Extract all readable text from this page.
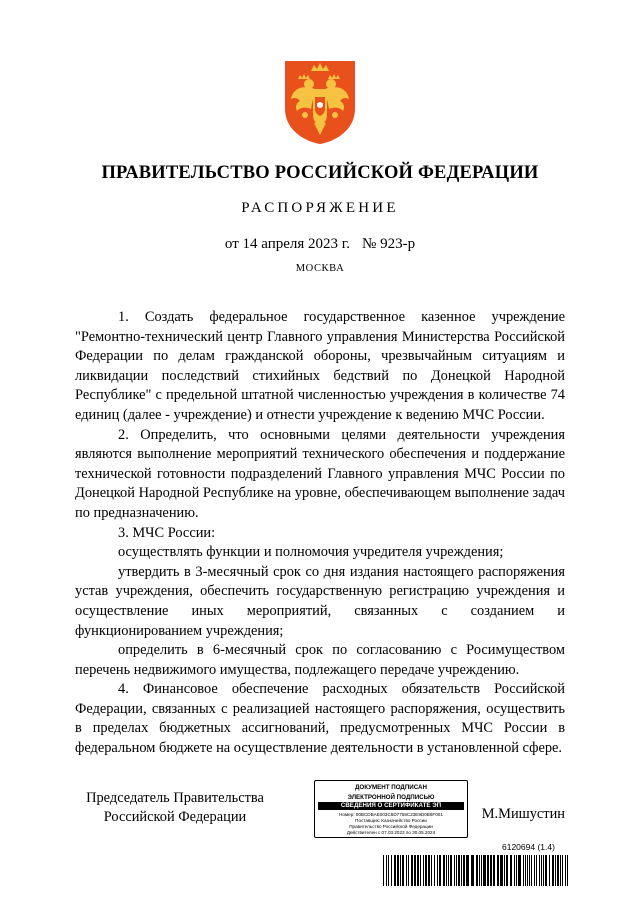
ПРАВИТЕЛЬСТВО РОССИЙСКОЙ ФЕДЕРАЦИИ
РАСПОРЯЖЕНИЕ
от 14 апреля 2023 г. № 923-р
МОСКВА

1. Создать федеральное государственное казенное учреждение "Ремонтно-технический центр Главного управления Министерства Российской Федерации по делам гражданской обороны, чрезвычайным ситуациям и ликвидации последствий стихийных бедствий по Донецкой Народной Республике" с предельной штатной численностью учреждения в количестве 74 единиц (далее - учреждение) и отнести учреждение к ведению МЧС России.

2. Определить, что основными целями деятельности учреждения являются выполнение мероприятий технического обеспечения и поддержание технической готовности подразделений Главного управления МЧС России по Донецкой Народной Республике на уровне, обеспечивающем выполнение задач по предназначению.

3. МЧС России:

осуществлять функции и полномочия учредителя учреждения;

утвердить в 3-месячный срок со дня издания настоящего распоряжения устав учреждения, обеспечить государственную регистрацию учреждения и осуществление иных мероприятий, связанных с созданием и функционированием учреждения;

определить в 6-месячный срок по согласованию с Росимуществом перечень недвижимого имущества, подлежащего передаче учреждению.

4. Финансовое обеспечение расходных обязательств Российской Федерации, связанных с реализацией настоящего распоряжения, осуществить в пределах бюджетных ассигнований, предусмотренных МЧС России в федеральном бюджете на осуществление деятельности в установленной сфере.

Председатель Правительства
Российской Федерации
ДОКУМЕНТ ПОДПИСАН
ЭЛЕКТРОННОЙ ПОДПИСЬЮ
СВЕДЕНИЯ О СЕРТИФИКАТЕ ЭП
Номер: 00BCDBAE003C6D7758C23E9D0B6F001
Поставщик: Казначейство России
Правительство Российской Федерации
Действителен с 07.03.2023 по 30.05.2024
М.Мишустин
6120694 (1.4)
